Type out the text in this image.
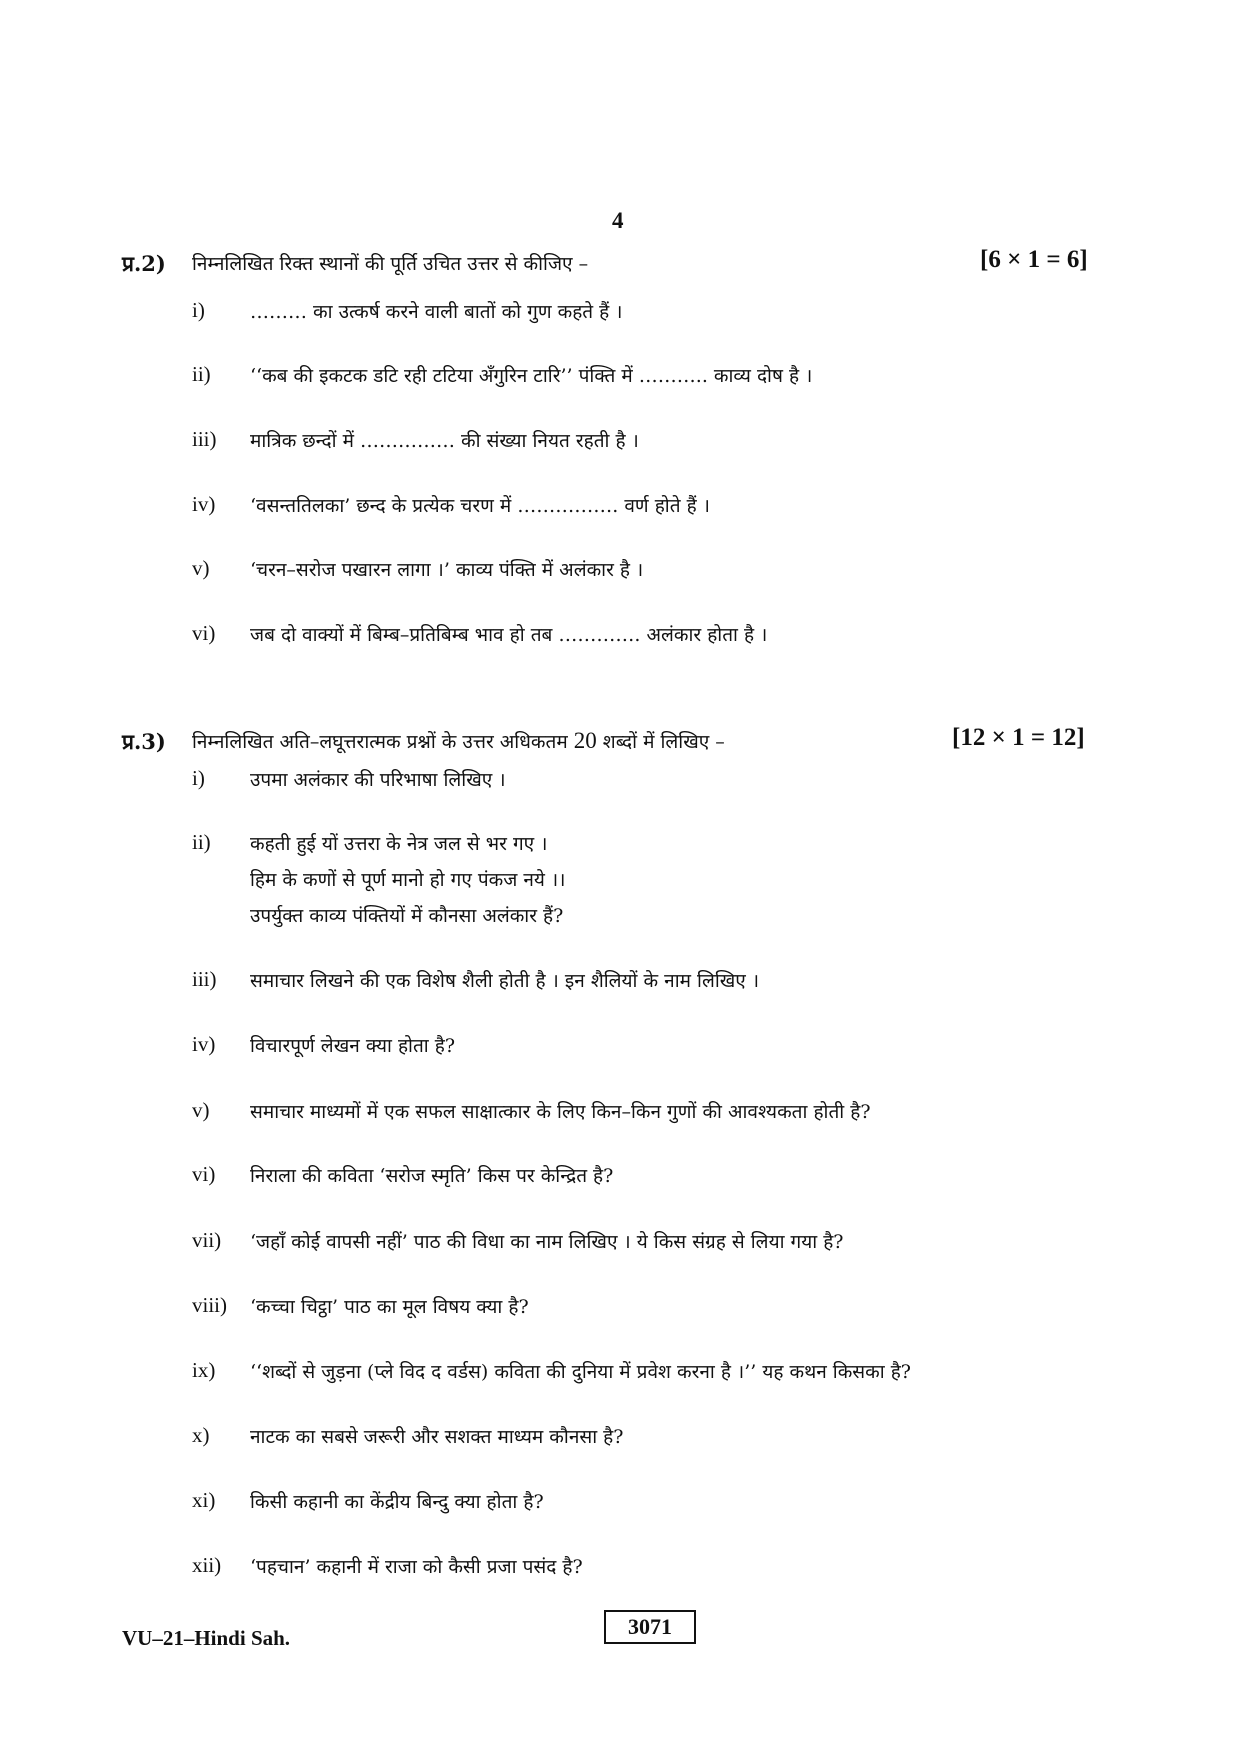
4
प्र.2) निम्नलिखित रिक्त स्थानों की पूर्ति उचित उत्तर से कीजिए –	[6 × 1 = 6]
i) ……… का उत्कर्ष करने वाली बातों को गुण कहते हैं ।
ii) ‘‘कब की इकटक डटि रही टटिया अँगुरिन टारि’’ पंक्ति में ……….. काव्य दोष है ।
iii) मात्रिक छन्दों में …………… की संख्या नियत रहती है ।
iv) ‘वसन्ततिलका’ छन्द के प्रत्येक चरण में ……………. वर्ण होते हैं ।
v) ‘चरन–सरोज पखारन लागा ।’ काव्य पंक्ति में अलंकार है ।
vi) जब दो वाक्यों में बिम्ब–प्रतिबिम्ब भाव हो तब …………. अलंकार होता है ।
प्र.3) निम्नलिखित अति–लघूत्तरात्मक प्रश्नों के उत्तर अधिकतम 20 शब्दों में लिखिए –	[12 × 1 = 12]
i) उपमा अलंकार की परिभाषा लिखिए ।
ii) कहती हुई यों उत्तरा के नेत्र जल से भर गए ।
हिम के कणों से पूर्ण मानो हो गए पंकज नये ।।
उपर्युक्त काव्य पंक्तियों में कौनसा अलंकार हैं?
iii) समाचार लिखने की एक विशेष शैली होती है । इन शैलियों के नाम लिखिए ।
iv) विचारपूर्ण लेखन क्या होता है?
v) समाचार माध्यमों में एक सफल साक्षात्कार के लिए किन–किन गुणों की आवश्यकता होती है?
vi) निराला की कविता ‘सरोज स्मृति’ किस पर केन्द्रित है?
vii) ‘जहाँ कोई वापसी नहीं’ पाठ की विधा का नाम लिखिए । ये किस संग्रह से लिया गया है?
viii) ‘कच्चा चिट्ठा’ पाठ का मूल विषय क्या है?
ix) ‘‘शब्दों से जुड़ना (प्ले विद द वर्डस) कविता की दुनिया में प्रवेश करना है ।’’ यह कथन किसका है?
x) नाटक का सबसे जरूरी और सशक्त माध्यम कौनसा है?
xi) किसी कहानी का केंद्रीय बिन्दु क्या होता है?
xii) ‘पहचान’ कहानी में राजा को कैसी प्रजा पसंद है?
VU–21–Hindi Sah.	3071
